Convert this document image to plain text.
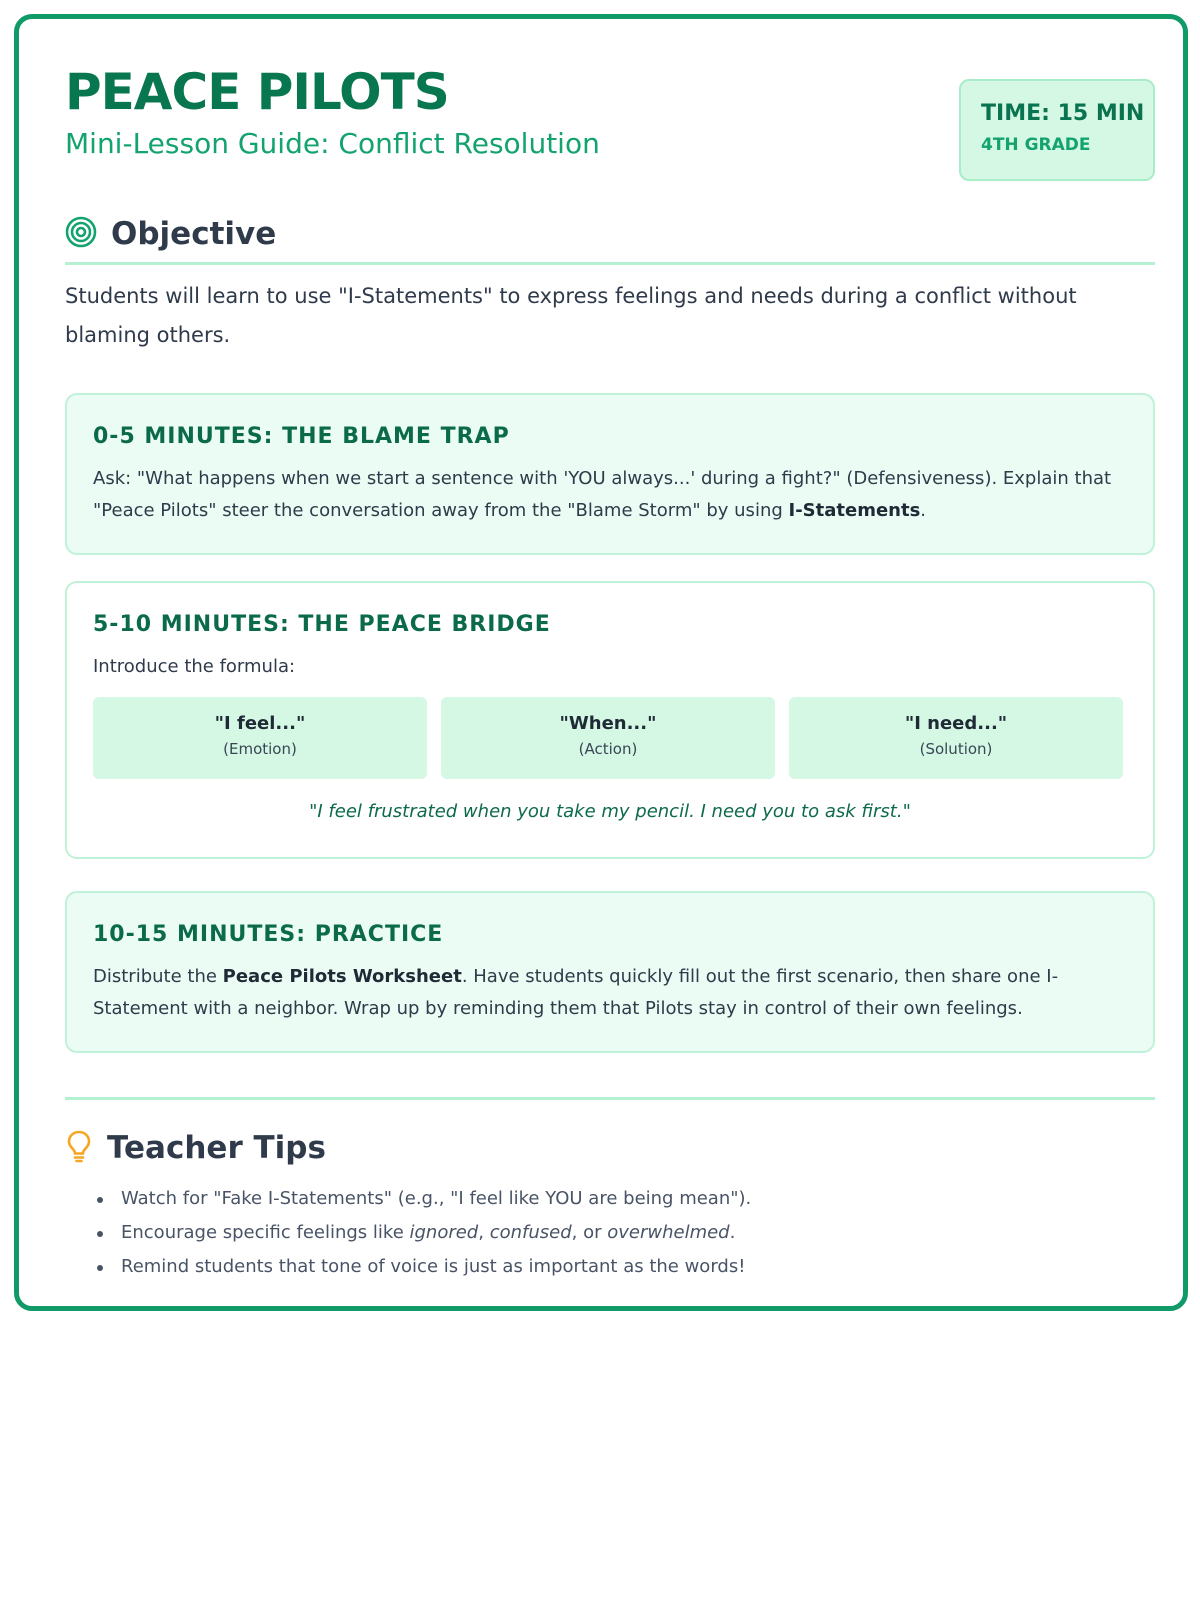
PEACE PILOTS
Mini-Lesson Guide: Conflict Resolution
TIME: 15 MIN
4TH GRADE
Objective
Students will learn to use "I-Statements" to express feelings and needs during a conflict without blaming others.
0-5 MINUTES: THE BLAME TRAP
Ask: "What happens when we start a sentence with 'YOU always...' during a fight?" (Defensiveness). Explain that "Peace Pilots" steer the conversation away from the "Blame Storm" by using I-Statements.
5-10 MINUTES: THE PEACE BRIDGE
Introduce the formula:
"I feel..."
(Emotion)
"When..."
(Action)
"I need..."
(Solution)
"I feel frustrated when you take my pencil. I need you to ask first."
10-15 MINUTES: PRACTICE
Distribute the Peace Pilots Worksheet. Have students quickly fill out the first scenario, then share one I-Statement with a neighbor. Wrap up by reminding them that Pilots stay in control of their own feelings.
Teacher Tips
Watch for "Fake I-Statements" (e.g., "I feel like YOU are being mean").
Encourage specific feelings like ignored, confused, or overwhelmed.
Remind students that tone of voice is just as important as the words!
